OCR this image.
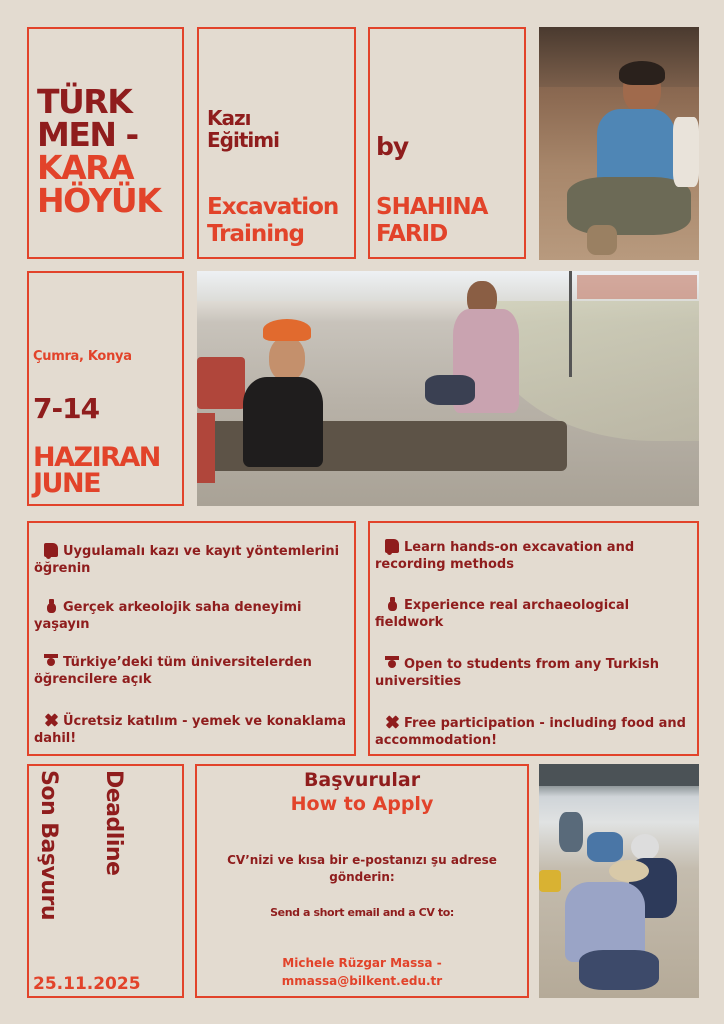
TÜRK
MEN -
KARA
HÖYÜK
Kazı
Eğitimi
Excavation
Training
by
SHAHINA
FARID
Çumra, Konya
7-14
HAZIRAN
JUNE
Uygulamalı kazı ve kayıt yöntemlerini öğrenin
Gerçek arkeolojik saha deneyimi yaşayın
Türkiye’deki tüm üniversitelerden öğrencilere açık
Ücretsiz katılım - yemek ve konaklama dahil!
Learn hands-on excavation and recording methods
Experience real archaeological fieldwork
Open to students from any Turkish universities
Free participation - including food and accommodation!
Deadline
Son Başvuru
25.11.2025
Başvurular
How to Apply
CV’nizi ve kısa bir e-postanızı şu adrese gönderin:
Send a short email and a CV to:
Michele Rüzgar Massa -
mmassa@bilkent.edu.tr
